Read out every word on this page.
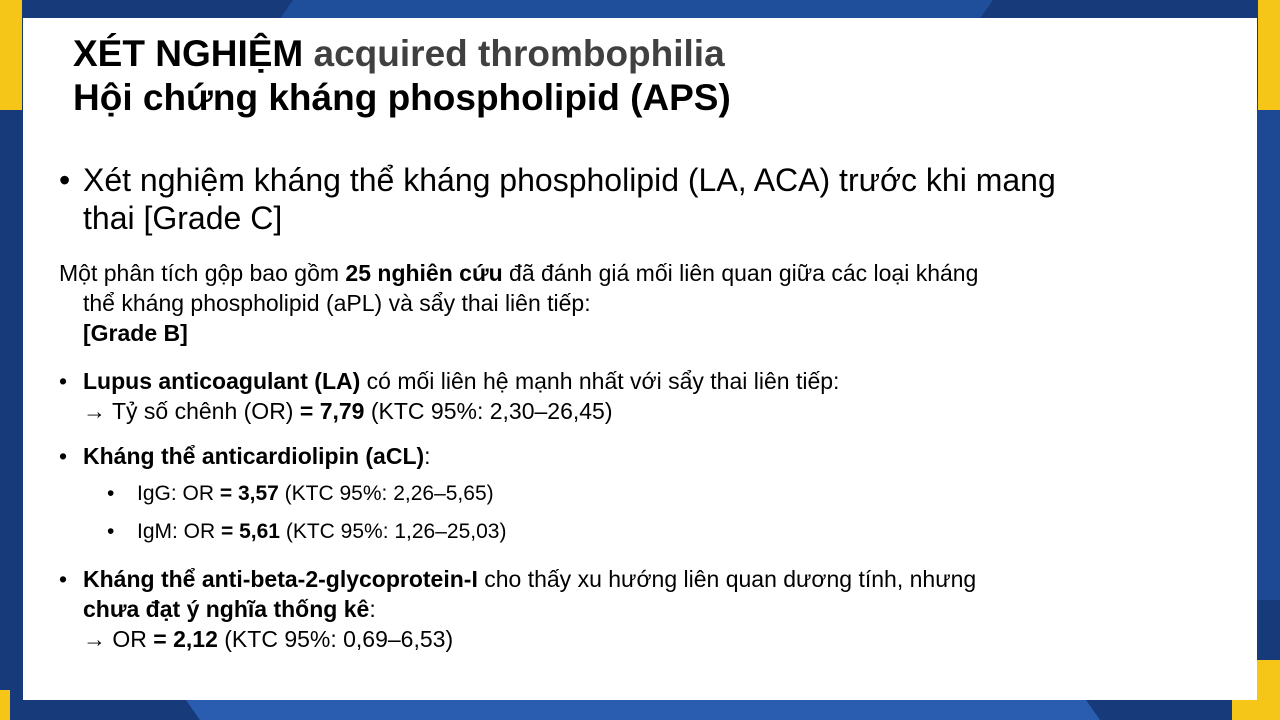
XÉT NGHIỆM acquired thrombophilia
Hội chứng kháng phospholipid (APS)
• Xét nghiệm kháng thể kháng phospholipid (LA, ACA) trước khi mang

thai [Grade C]

Một phân tích gộp bao gồm 25 nghiên cứu đã đánh giá mối liên quan giữa các loại kháng

thể kháng phospholipid (aPL) và sẩy thai liên tiếp:

[Grade B]

• Lupus anticoagulant (LA) có mối liên hệ mạnh nhất với sẩy thai liên tiếp:

→ Tỷ số chênh (OR) = 7,79 (KTC 95%: 2,30–26,45)

• Kháng thể anticardiolipin (aCL):

• IgG: OR = 3,57 (KTC 95%: 2,26–5,65)

• IgM: OR = 5,61 (KTC 95%: 1,26–25,03)

• Kháng thể anti-beta-2-glycoprotein-I cho thấy xu hướng liên quan dương tính, nhưng

chưa đạt ý nghĩa thống kê:

→ OR = 2,12 (KTC 95%: 0,69–6,53)
